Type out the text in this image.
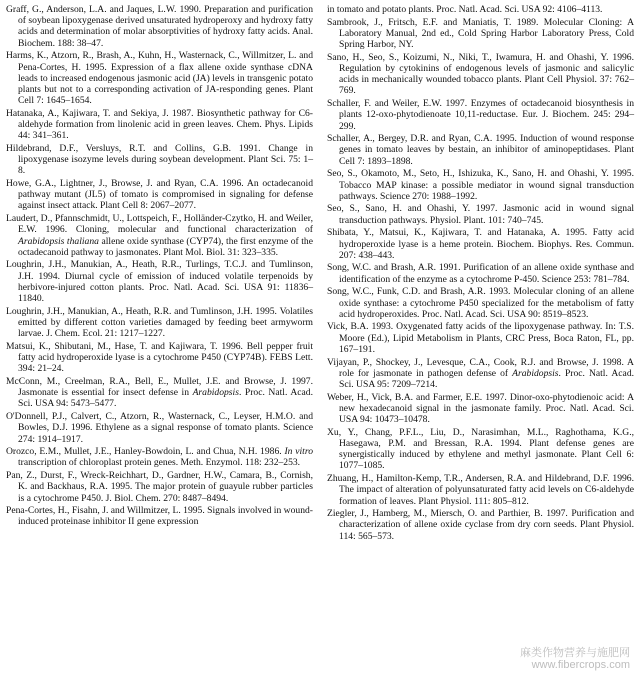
Graff, G., Anderson, L.A. and Jaques, L.W. 1990. Preparation and purification of soybean lipoxygenase derived unsaturated hydroperoxy and hydroxy fatty acids and determination of molar absorptivities of hydroxy fatty acids. Anal. Biochem. 188: 38–47.

Harms, K., Atzorn, R., Brash, A., Kuhn, H., Wasternack, C., Willmitzer, L. and Pena-Cortes, H. 1995. Expression of a flax allene oxide synthase cDNA leads to increased endogenous jasmonic acid (JA) levels in transgenic potato plants but not to a corresponding activation of JA-responding genes. Plant Cell 7: 1645–1654.

Hatanaka, A., Kajiwara, T. and Sekiya, J. 1987. Biosynthetic pathway for C6-aldehyde formation from linolenic acid in green leaves. Chem. Phys. Lipids 44: 341–361.

Hildebrand, D.F., Versluys, R.T. and Collins, G.B. 1991. Change in lipoxygenase isozyme levels during soybean development. Plant Sci. 75: 1–8.

Howe, G.A., Lightner, J., Browse, J. and Ryan, C.A. 1996. An octadecanoid pathway mutant (JL5) of tomato is compromised in signaling for defense against insect attack. Plant Cell 8: 2067–2077.

Laudert, D., Pfannschmidt, U., Lottspeich, F., Holländer-Czytko, H. and Weiler, E.W. 1996. Cloning, molecular and functional characterization of Arabidopsis thaliana allene oxide synthase (CYP74), the first enzyme of the octadecanoid pathway to jasmonates. Plant Mol. Biol. 31: 323–335.

Loughrin, J.H., Manukian, A., Heath, R.R., Turlings, T.C.J. and Tumlinson, J.H. 1994. Diurnal cycle of emission of induced volatile terpenoids by herbivore-injured cotton plants. Proc. Natl. Acad. Sci. USA 91: 11836–11840.

Loughrin, J.H., Manukian, A., Heath, R.R. and Tumlinson, J.H. 1995. Volatiles emitted by different cotton varieties damaged by feeding beet armyworm larvae. J. Chem. Ecol. 21: 1217–1227.

Matsui, K., Shibutani, M., Hase, T. and Kajiwara, T. 1996. Bell pepper fruit fatty acid hydroperoxide lyase is a cytochrome P450 (CYP74B). FEBS Lett. 394: 21–24.

McConn, M., Creelman, R.A., Bell, E., Mullet, J.E. and Browse, J. 1997. Jasmonate is essential for insect defense in Arabidopsis. Proc. Natl. Acad. Sci. USA 94: 5473–5477.

O'Donnell, P.J., Calvert, C., Atzorn, R., Wasternack, C., Leyser, H.M.O. and Bowles, D.J. 1996. Ethylene as a signal response of tomato plants. Science 274: 1914–1917.

Orozco, E.M., Mullet, J.E., Hanley-Bowdoin, L. and Chua, N.H. 1986. In vitro transcription of chloroplast protein genes. Meth. Enzymol. 118: 232–253.

Pan, Z., Durst, F., Wreck-Reichhart, D., Gardner, H.W., Camara, B., Cornish, K. and Backhaus, R.A. 1995. The major protein of guayule rubber particles is a cytochrome P450. J. Biol. Chem. 270: 8487–8494.

Pena-Cortes, H., Fisahn, J. and Willmitzer, L. 1995. Signals involved in wound-induced proteinase inhibitor II gene expression

in tomato and potato plants. Proc. Natl. Acad. Sci. USA 92: 4106–4113.

Sambrook, J., Fritsch, E.F. and Maniatis, T. 1989. Molecular Cloning: A Laboratory Manual, 2nd ed., Cold Spring Harbor Laboratory Press, Cold Spring Harbor, NY.

Sano, H., Seo, S., Koizumi, N., Niki, T., Iwamura, H. and Ohashi, Y. 1996. Regulation by cytokinins of endogenous levels of jasmonic and salicylic acids in mechanically wounded tobacco plants. Plant Cell Physiol. 37: 762–769.

Schaller, F. and Weiler, E.W. 1997. Enzymes of octadecanoid biosynthesis in plants 12-oxo-phytodienoate 10,11-reductase. Eur. J. Biochem. 245: 294–299.

Schaller, A., Bergey, D.R. and Ryan, C.A. 1995. Induction of wound response genes in tomato leaves by bestain, an inhibitor of aminopeptidases. Plant Cell 7: 1893–1898.

Seo, S., Okamoto, M., Seto, H., Ishizuka, K., Sano, H. and Ohashi, Y. 1995. Tobacco MAP kinase: a possible mediator in wound signal transduction pathways. Science 270: 1988–1992.

Seo, S., Sano, H. and Ohashi, Y. 1997. Jasmonic acid in wound signal transduction pathways. Physiol. Plant. 101: 740–745.

Shibata, Y., Matsui, K., Kajiwara, T. and Hatanaka, A. 1995. Fatty acid hydroperoxide lyase is a heme protein. Biochem. Biophys. Res. Commun. 207: 438–443.

Song, W.C. and Brash, A.R. 1991. Purification of an allene oxide synthase and identification of the enzyme as a cytochrome P-450. Science 253: 781–784.

Song, W.C., Funk, C.D. and Brash, A.R. 1993. Molecular cloning of an allene oxide synthase: a cytochrome P450 specialized for the metabolism of fatty acid hydroperoxides. Proc. Natl. Acad. Sci. USA 90: 8519–8523.

Vick, B.A. 1993. Oxygenated fatty acids of the lipoxygenase pathway. In: T.S. Moore (Ed.), Lipid Metabolism in Plants, CRC Press, Boca Raton, FL, pp. 167–191.

Vijayan, P., Shockey, J., Levesque, C.A., Cook, R.J. and Browse, J. 1998. A role for jasmonate in pathogen defense of Arabidopsis. Proc. Natl. Acad. Sci. USA 95: 7209–7214.

Weber, H., Vick, B.A. and Farmer, E.E. 1997. Dinor-oxo-phytodienoic acid: A new hexadecanoid signal in the jasmonate family. Proc. Natl. Acad. Sci. USA 94: 10473–10478.

Xu, Y., Chang, P.F.L., Liu, D., Narasimhan, M.L., Raghothama, K.G., Hasegawa, P.M. and Bressan, R.A. 1994. Plant defense genes are synergistically induced by ethylene and methyl jasmonate. Plant Cell 6: 1077–1085.

Zhuang, H., Hamilton-Kemp, T.R., Andersen, R.A. and Hildebrand, D.F. 1996. The impact of alteration of polyunsaturated fatty acid levels on C6-aldehyde formation of leaves. Plant Physiol. 111: 805–812.

Ziegler, J., Hamberg, M., Miersch, O. and Parthier, B. 1997. Purification and characterization of allene oxide cyclase from dry corn seeds. Plant Physiol. 114: 565–573.

麻类作物营养与施肥网
www.fibercrops.com
